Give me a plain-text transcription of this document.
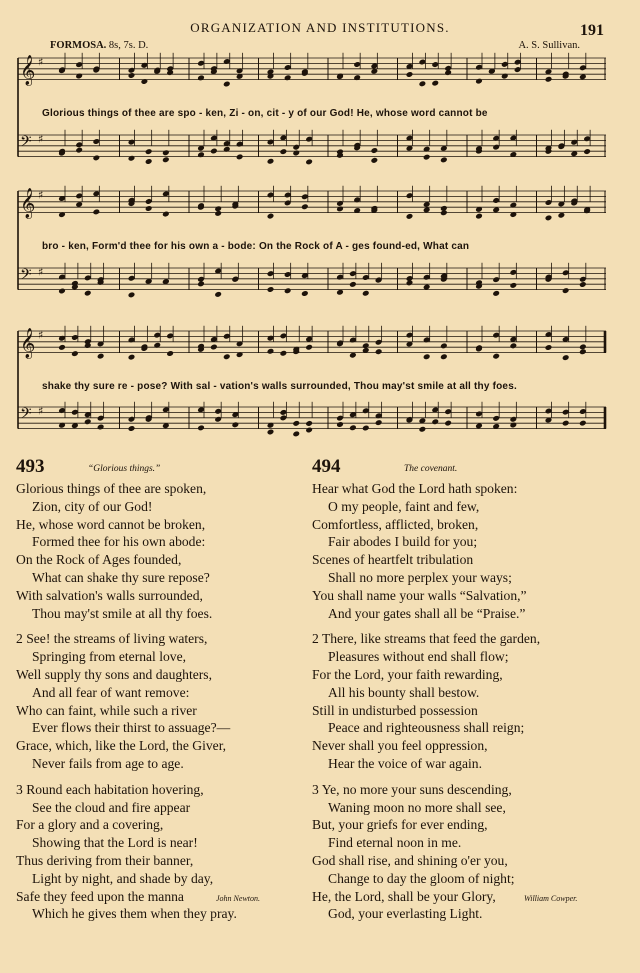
ORGANIZATION AND INSTITUTIONS.	191
FORMOSA. 8s, 7s. D.	A. S. Sullivan.
𝄞 ♯
𝄢 ♯
𝄞 ♯
𝄢 ♯
𝄞 ♯
𝄢 ♯
Glorious things of thee are spo - ken, Zi - on, cit - y of our God! He, whose word cannot be
bro - ken, Form'd thee for his own a - bode: On the Rock of A - ges found-ed, What can
shake thy sure re - pose? With sal - vation's walls surrounded, Thou may'st smile at all thy foes.
493	“Glorious things.”
Glorious things of thee are spoken,
Zion, city of our God!
He, whose word cannot be broken,
Formed thee for his own abode:
On the Rock of Ages founded,
What can shake thy sure repose?
With salvation's walls surrounded,
Thou may'st smile at all thy foes.
2 See! the streams of living waters,
Springing from eternal love,
Well supply thy sons and daughters,
And all fear of want remove:
Who can faint, while such a river
Ever flows their thirst to assuage?—
Grace, which, like the Lord, the Giver,
Never fails from age to age.
3 Round each habitation hovering,
See the cloud and fire appear
For a glory and a covering,
Showing that the Lord is near!
Thus deriving from their banner,
Light by night, and shade by day,
Safe they feed upon the manna
Which he gives them when they pray.
John Newton.
494	The covenant.
Hear what God the Lord hath spoken:
O my people, faint and few,
Comfortless, afflicted, broken,
Fair abodes I build for you;
Scenes of heartfelt tribulation
Shall no more perplex your ways;
You shall name your walls “Salvation,”
And your gates shall all be “Praise.”
2 There, like streams that feed the garden,
Pleasures without end shall flow;
For the Lord, your faith rewarding,
All his bounty shall bestow.
Still in undisturbed possession
Peace and righteousness shall reign;
Never shall you feel oppression,
Hear the voice of war again.
3 Ye, no more your suns descending,
Waning moon no more shall see,
But, your griefs for ever ending,
Find eternal noon in me.
God shall rise, and shining o'er you,
Change to day the gloom of night;
He, the Lord, shall be your Glory,
God, your everlasting Light.
William Cowper.
